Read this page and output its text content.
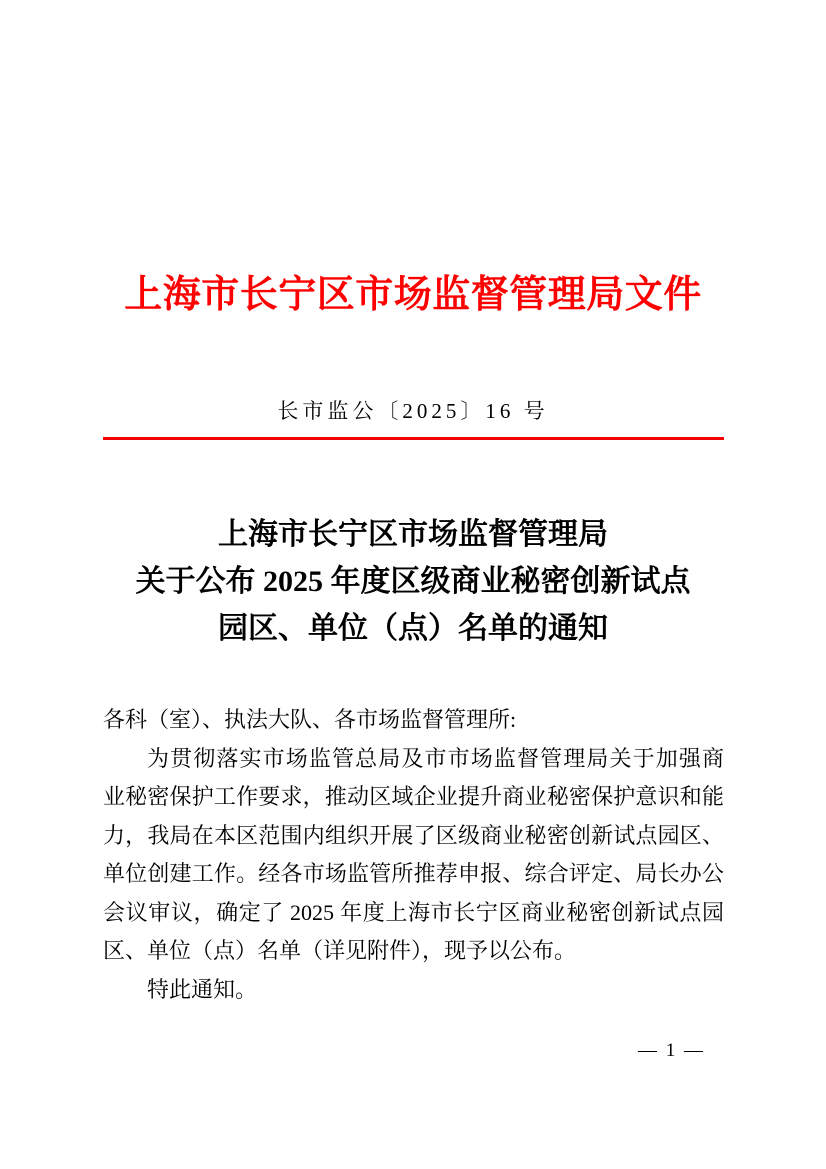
上海市长宁区市场监督管理局文件
长市监公〔2025〕16 号
上海市长宁区市场监督管理局
关于公布 2025 年度区级商业秘密创新试点
园区、单位（点）名单的通知
各科（室）、执法大队、各市场监督管理所:
为贯彻落实市场监管总局及市市场监督管理局关于加强商
业秘密保护工作要求，推动区域企业提升商业秘密保护意识和能
力，我局在本区范围内组织开展了区级商业秘密创新试点园区、
单位创建工作。经各市场监管所推荐申报、综合评定、局长办公
会议审议，确定了 2025 年度上海市长宁区商业秘密创新试点园
区、单位（点）名单（详见附件），现予以公布。
特此通知。
— 1 —
